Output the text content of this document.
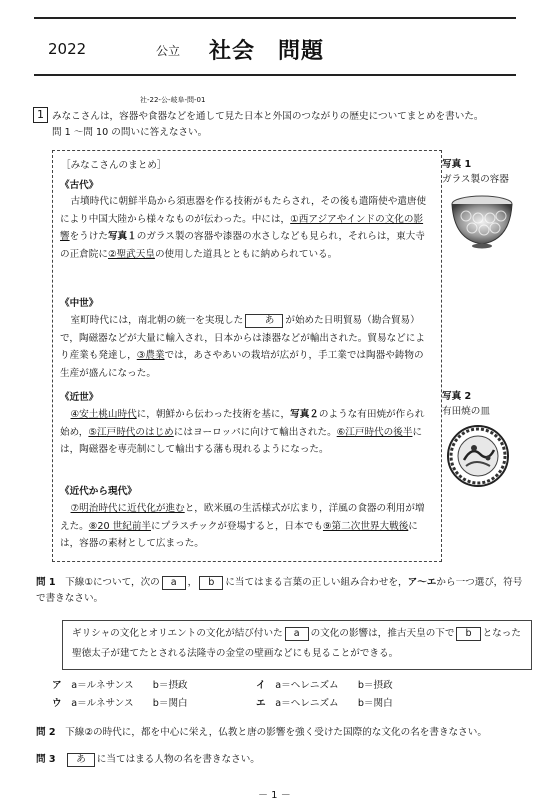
2022	公立 社会　問題
社-22-公-岐阜-問-01
1 みなこさんは，容器や食器などを通して見た日本と外国のつながりの歴史についてまとめを書いた。
問 1 〜問 10 の問いに答えなさい。
［みなこさんのまとめ］
《古代》
古墳時代に朝鮮半島から須恵器を作る技術がもたらされ，その後も遣隋使や遣唐使により中国大陸から様々なものが伝わった。中には，①西アジアやインドの文化の影響をうけた写真１のガラス製の容器や漆器の水さしなども見られ，それらは，東大寺の正倉院に②聖武天皇の使用した道具とともに納められている。
《中世》
室町時代には，南北朝の統一を実現した あ が始めた日明貿易（勘合貿易）で，陶磁器などが大量に輸入され，日本からは漆器などが輸出された。貿易などにより産業も発達し，③農業では，あさやあいの栽培が広がり，手工業では陶器や鋳物の生産が盛んになった。
《近世》
④安土桃山時代に，朝鮮から伝わった技術を基に，写真２のような有田焼が作られ始め，⑤江戸時代のはじめにはヨーロッパに向けて輸出された。⑥江戸時代の後半には，陶磁器を専売制にして輸出する藩も現れるようになった。
《近代から現代》
⑦明治時代に近代化が進むと，欧米風の生活様式が広まり，洋風の食器の利用が増えた。⑧20 世紀前半にプラスチックが登場すると，日本でも⑨第二次世界大戦後には，容器の素材として広まった。
写真 1
ガラス製の容器
写真 2
有田焼の皿
問 1　 下線①について，次の a ， b に当てはまる言葉の正しい組み合わせを，ア〜エから一つ選び，符号で書きなさい。
ギリシャの文化とオリエントの文化が結び付いた a の文化の影響は，推古天皇の下で b となった聖徳太子が建てたとされる法隆寺の金堂の壁画などにも見ることができる。
ア　 a＝ルネサンス　　 b＝摂政	イ　 a＝ヘレニズム　　 b＝摂政
ウ　 a＝ルネサンス　　 b＝関白	エ　 a＝ヘレニズム　　 b＝関白
問 2　 下線②の時代に，都を中心に栄え，仏教と唐の影響を強く受けた国際的な文化の名を書きなさい。
問 3　 あ に当てはまる人物の名を書きなさい。
－ 1 －
